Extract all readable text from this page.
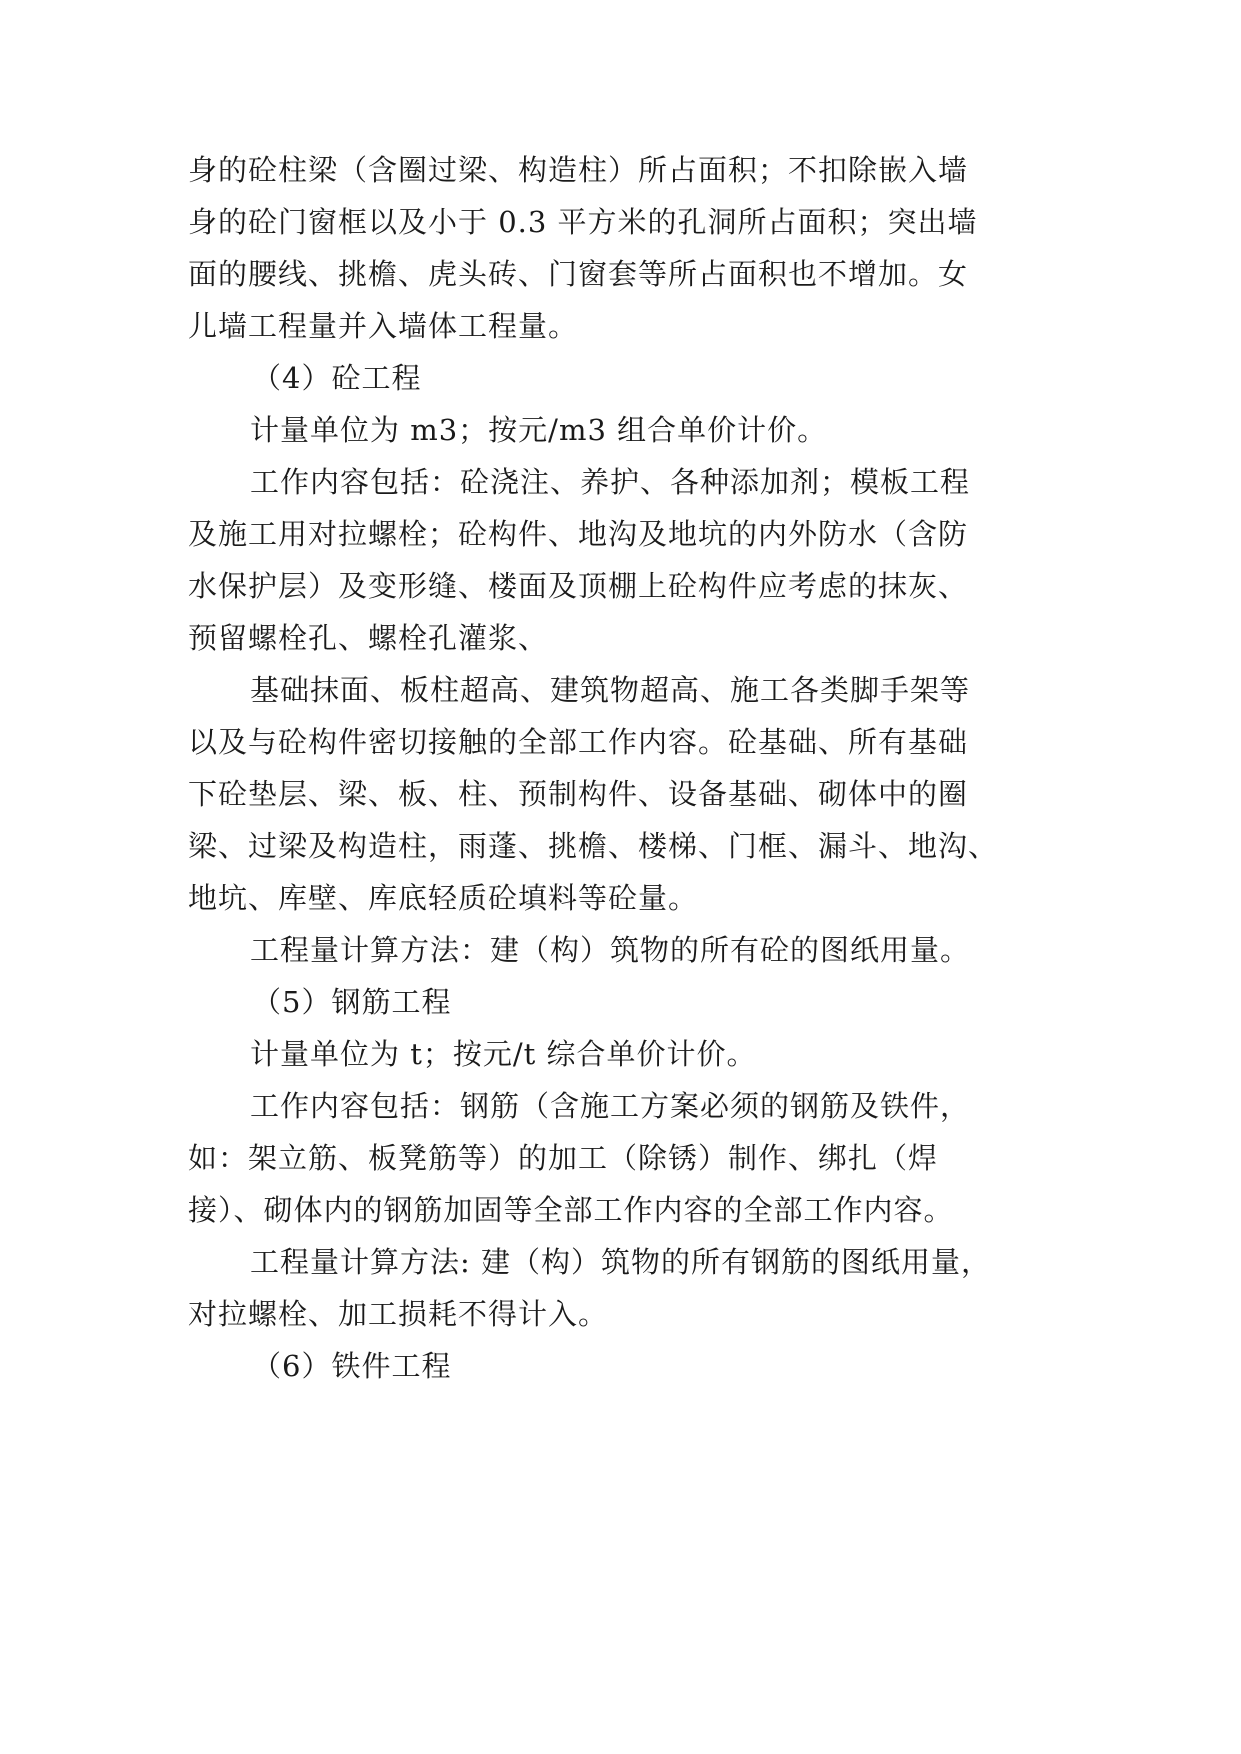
身的砼柱梁（含圈过梁、构造柱）所占面积；不扣除嵌入墙
身的砼门窗框以及小于 0.3 平方米的孔洞所占面积；突出墙
面的腰线、挑檐、虎头砖、门窗套等所占面积也不增加。女
儿墙工程量并入墙体工程量。
（4）砼工程
计量单位为 m3；按元/m3 组合单价计价。
工作内容包括：砼浇注、养护、各种添加剂；模板工程
及施工用对拉螺栓；砼构件、地沟及地坑的内外防水（含防
水保护层）及变形缝、楼面及顶棚上砼构件应考虑的抹灰、
预留螺栓孔、螺栓孔灌浆、
基础抹面、板柱超高、建筑物超高、施工各类脚手架等
以及与砼构件密切接触的全部工作内容。砼基础、所有基础
下砼垫层、梁、板、柱、预制构件、设备基础、砌体中的圈
梁、过梁及构造柱，雨蓬、挑檐、楼梯、门框、漏斗、地沟、
地坑、库壁、库底轻质砼填料等砼量。
工程量计算方法：建（构）筑物的所有砼的图纸用量。
（5）钢筋工程
计量单位为 t；按元/t 综合单价计价。
工作内容包括：钢筋（含施工方案必须的钢筋及铁件，
如：架立筋、板凳筋等）的加工（除锈）制作、绑扎（焊
接）、砌体内的钢筋加固等全部工作内容的全部工作内容。
工程量计算方法: 建（构）筑物的所有钢筋的图纸用量，
对拉螺栓、加工损耗不得计入。
（6）铁件工程
